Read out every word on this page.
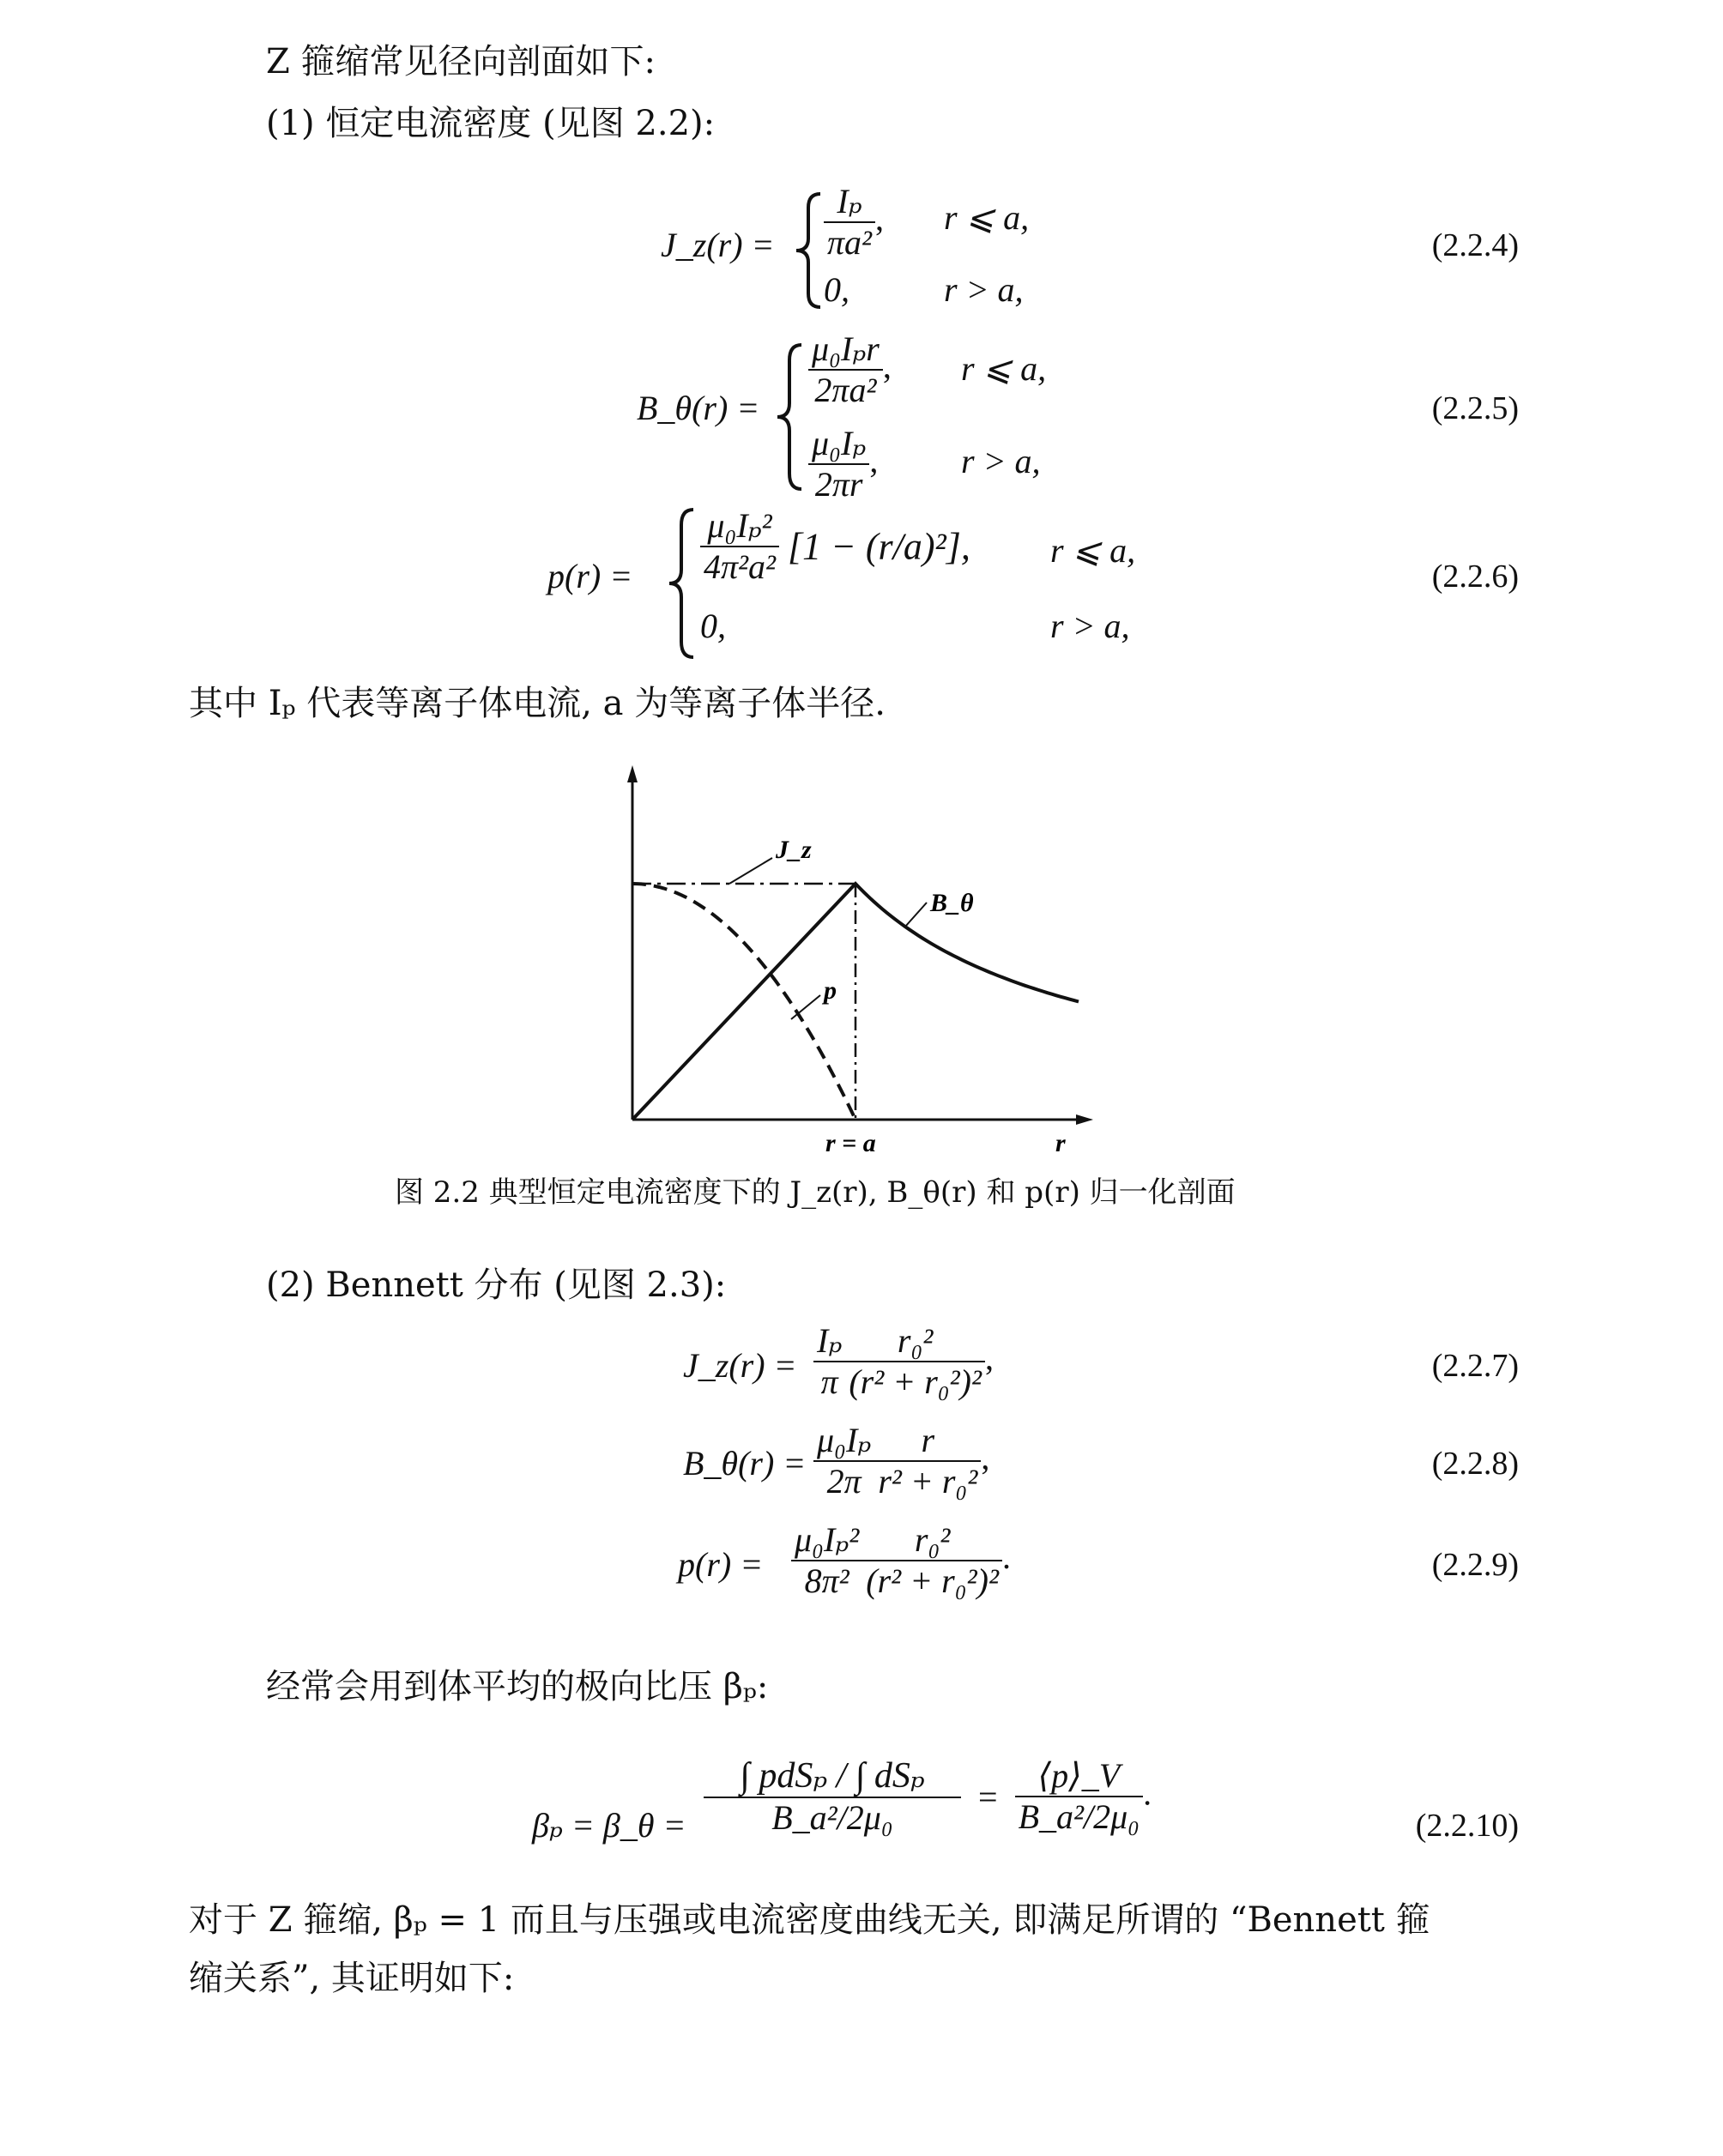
Z 箍缩常见径向剖面如下:
(1) 恒定电流密度 (见图 2.2):
J_z(r) = $\frac{\text{Iₚ}}{\text{πa²}}$ , r ⩽ a,
0,	r > a,
(2.2.4)
B_θ(r) = $\frac{\text{μ₀Iₚr}}{\text{2πa²}}$ , r ⩽ a,
$\frac{\text{μ₀Iₚ}}{2\pi r}$ , r > a,
(2.2.5)
$p(r) = \frac{\text{μ₀Iₚ²}}{\text{4π²a²}} [1 - (r/a)^2]$, r ⩽ a,
0,	r > a,
(2.2.6)
其中 Iₚ 代表等离子体电流, a 为等离子体半径.
J_z
B_θ
p
r = a	r
图 2.2 典型恒定电流密度下的 J_z(r), B_θ(r) 和 p(r) 归一化剖面
(2) Bennett 分布 (见图 2.3):
J_z(r) = $\frac{\text{Iₚ}}{\pi} \frac{\text{r₀²}}{\text{(r² + r₀²)²}}$ ,	(2.2.7)
B_θ(r) = $\frac{\text{μ₀Iₚ}}{2\pi} \frac{r}{\text{r² + r₀²}}$ ,	(2.2.8)
$p(r) = \frac{\text{μ₀Iₚ²}}{\text{8π²}} \frac{\text{r₀²}}{\text{(r² + r₀²)²}}$ .	(2.2.9)
经常会用到体平均的极向比压 βₚ:
βₚ = β_θ = $\frac{\text{∫ pdSₚ / ∫ dSₚ}}{\text{B\_a²/2μ₀}} = \frac{⟨p⟩\_V}{\text{B\_a²/2μ₀}}$ .
(2.2.10)
对于 Z 箍缩, βₚ = 1 而且与压强或电流密度曲线无关, 即满足所谓的 “Bennett 箍
缩关系”, 其证明如下:
